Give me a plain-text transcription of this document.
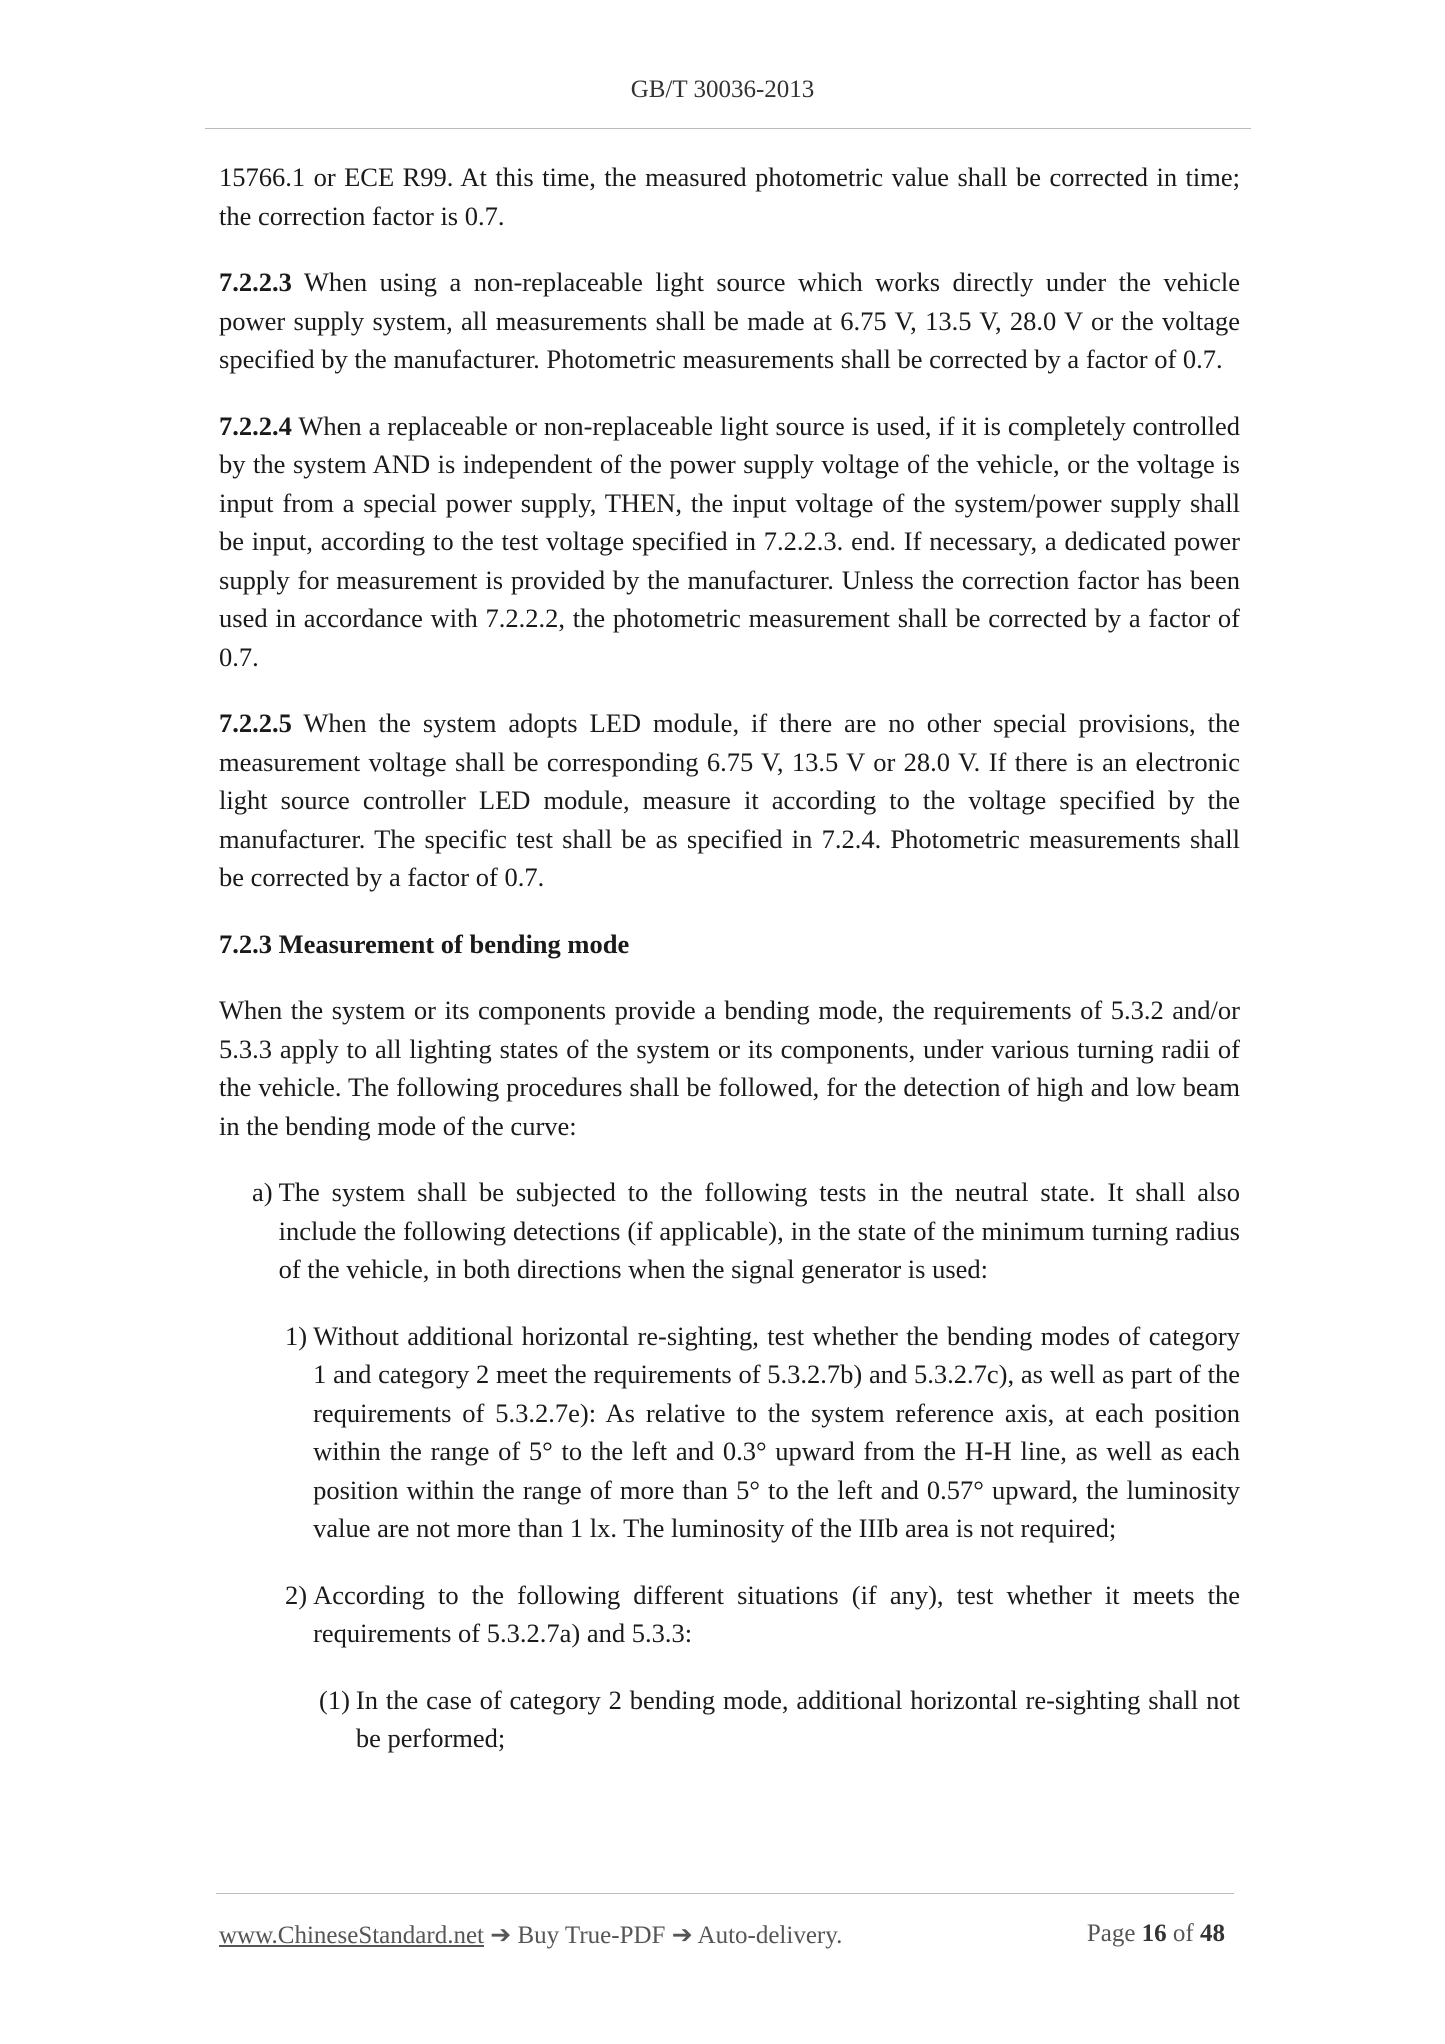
GB/T 30036-2013

15766.1 or ECE R99. At this time, the measured photometric value shall be corrected in time; the correction factor is 0.7.

7.2.2.3 When using a non-replaceable light source which works directly under the vehicle power supply system, all measurements shall be made at 6.75 V, 13.5 V, 28.0 V or the voltage specified by the manufacturer. Photometric measurements shall be corrected by a factor of 0.7.

7.2.2.4 When a replaceable or non-replaceable light source is used, if it is completely controlled by the system AND is independent of the power supply voltage of the vehicle, or the voltage is input from a special power supply, THEN, the input voltage of the system/power supply shall be input, according to the test voltage specified in 7.2.2.3. end. If necessary, a dedicated power supply for measurement is provided by the manufacturer. Unless the correction factor has been used in accordance with 7.2.2.2, the photometric measurement shall be corrected by a factor of 0.7.

7.2.2.5 When the system adopts LED module, if there are no other special provisions, the measurement voltage shall be corresponding 6.75 V, 13.5 V or 28.0 V. If there is an electronic light source controller LED module, measure it according to the voltage specified by the manufacturer. The specific test shall be as specified in 7.2.4. Photometric measurements shall be corrected by a factor of 0.7.

7.2.3 Measurement of bending mode

When the system or its components provide a bending mode, the requirements of 5.3.2 and/or 5.3.3 apply to all lighting states of the system or its components, under various turning radii of the vehicle. The following procedures shall be followed, for the detection of high and low beam in the bending mode of the curve:

a) The system shall be subjected to the following tests in the neutral state. It shall also include the following detections (if applicable), in the state of the minimum turning radius of the vehicle, in both directions when the signal generator is used:
1) Without additional horizontal re-sighting, test whether the bending modes of category 1 and category 2 meet the requirements of 5.3.2.7b) and 5.3.2.7c), as well as part of the requirements of 5.3.2.7e): As relative to the system reference axis, at each position within the range of 5° to the left and 0.3° upward from the H-H line, as well as each position within the range of more than 5° to the left and 0.57° upward, the luminosity value are not more than 1 lx. The luminosity of the IIIb area is not required;
2) According to the following different situations (if any), test whether it meets the requirements of 5.3.2.7a) and 5.3.3:
(1) In the case of category 2 bending mode, additional horizontal re-sighting shall not be performed;
www.ChineseStandard.net ➔ Buy True-PDF ➔ Auto-delivery.	Page 16 of 48
